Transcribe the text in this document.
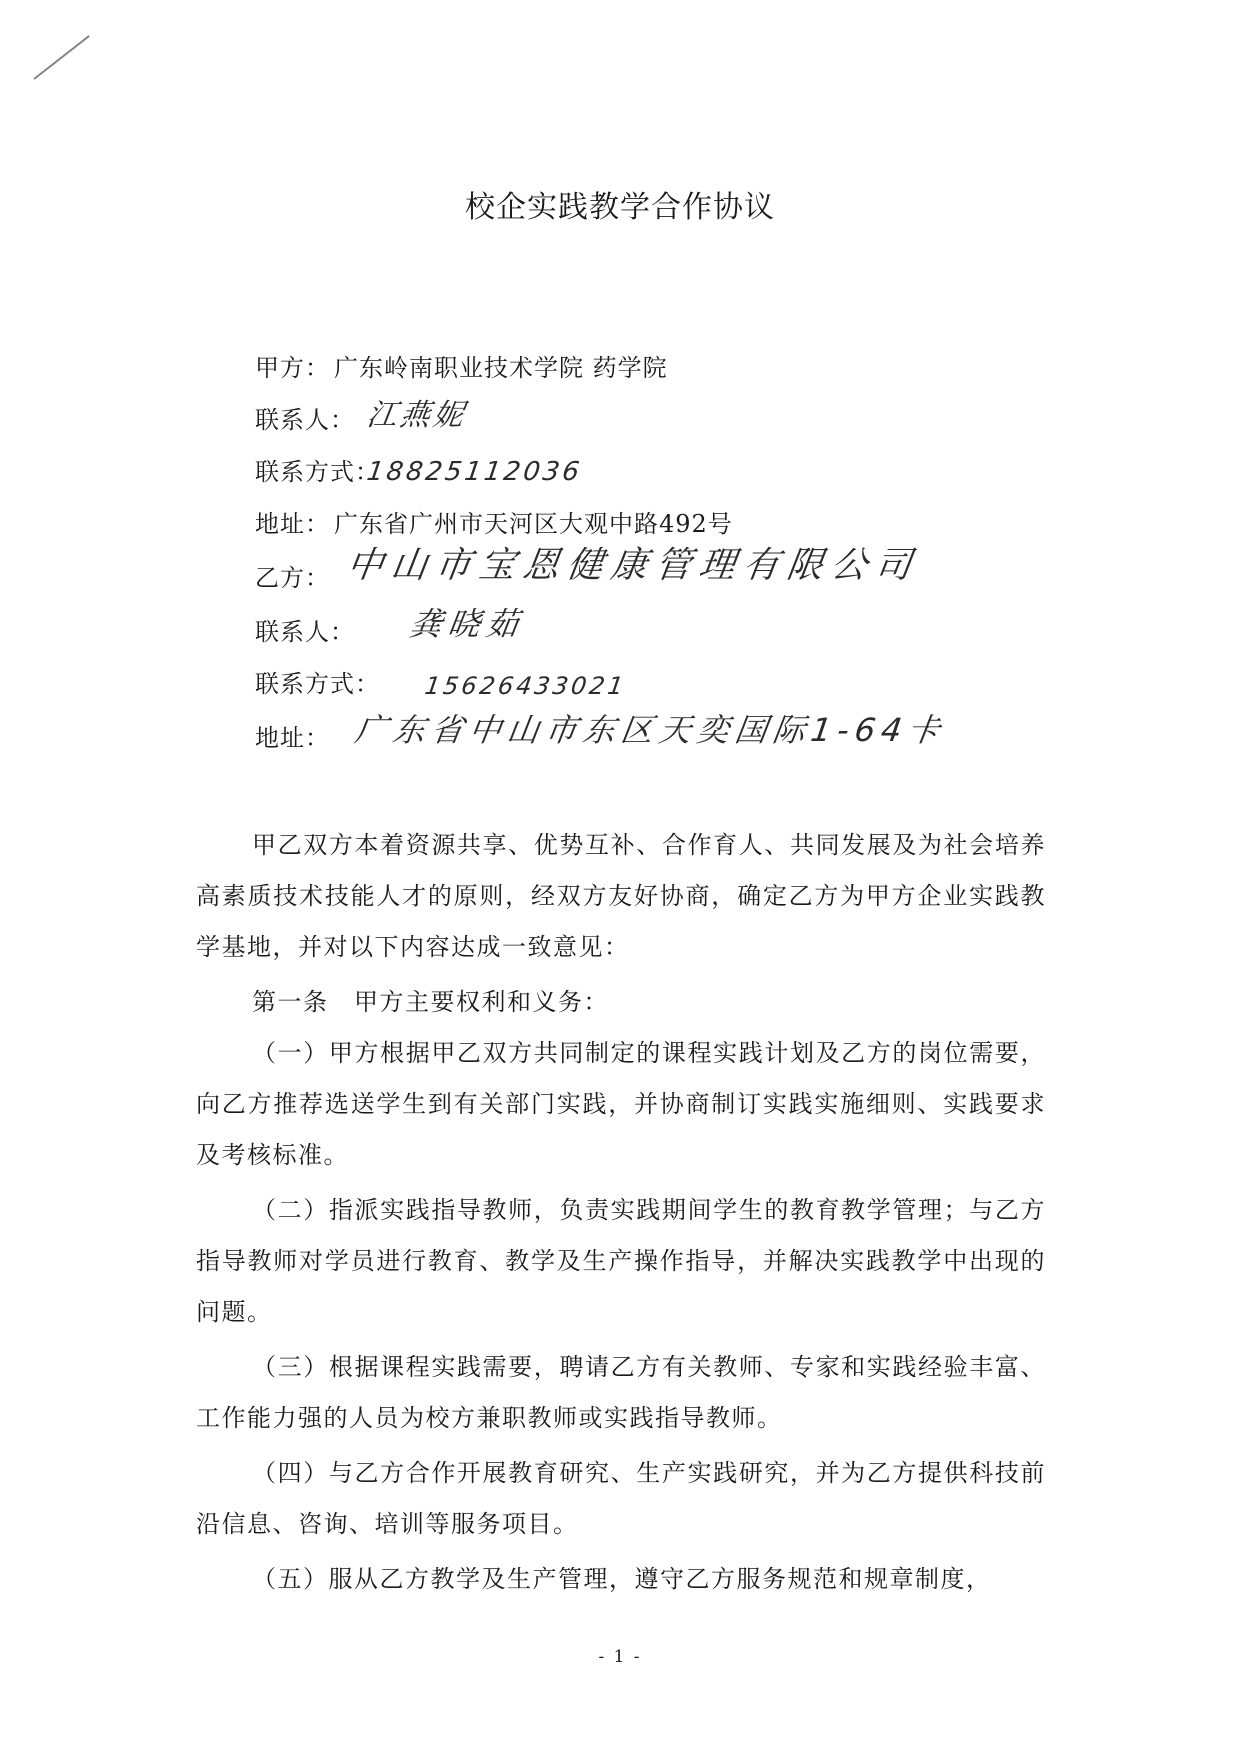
校企实践教学合作协议
甲方： 广东岭南职业技术学院 药学院
联系人： 江燕妮
联系方式：
18825112036
地址： 广东省广州市天河区大观中路492号
乙方： 中山市宝恩健康管理有限公司
联系人： 龚晓茹
联系方式： 15626433021
地址： 广东省中山市东区天奕国际1-64卡

甲乙双方本着资源共享、优势互补、合作育人、共同发展及为社会培养高素质技术技能人才的原则，经双方友好协商，确定乙方为甲方企业实践教学基地，并对以下内容达成一致意见：

第一条　甲方主要权利和义务：

（一）甲方根据甲乙双方共同制定的课程实践计划及乙方的岗位需要，向乙方推荐选送学生到有关部门实践，并协商制订实践实施细则、实践要求及考核标准。

（二）指派实践指导教师，负责实践期间学生的教育教学管理；与乙方指导教师对学员进行教育、教学及生产操作指导，并解决实践教学中出现的问题。

（三）根据课程实践需要，聘请乙方有关教师、专家和实践经验丰富、工作能力强的人员为校方兼职教师或实践指导教师。

（四）与乙方合作开展教育研究、生产实践研究，并为乙方提供科技前沿信息、咨询、培训等服务项目。

（五）服从乙方教学及生产管理，遵守乙方服务规范和规章制度，

- 1 -
